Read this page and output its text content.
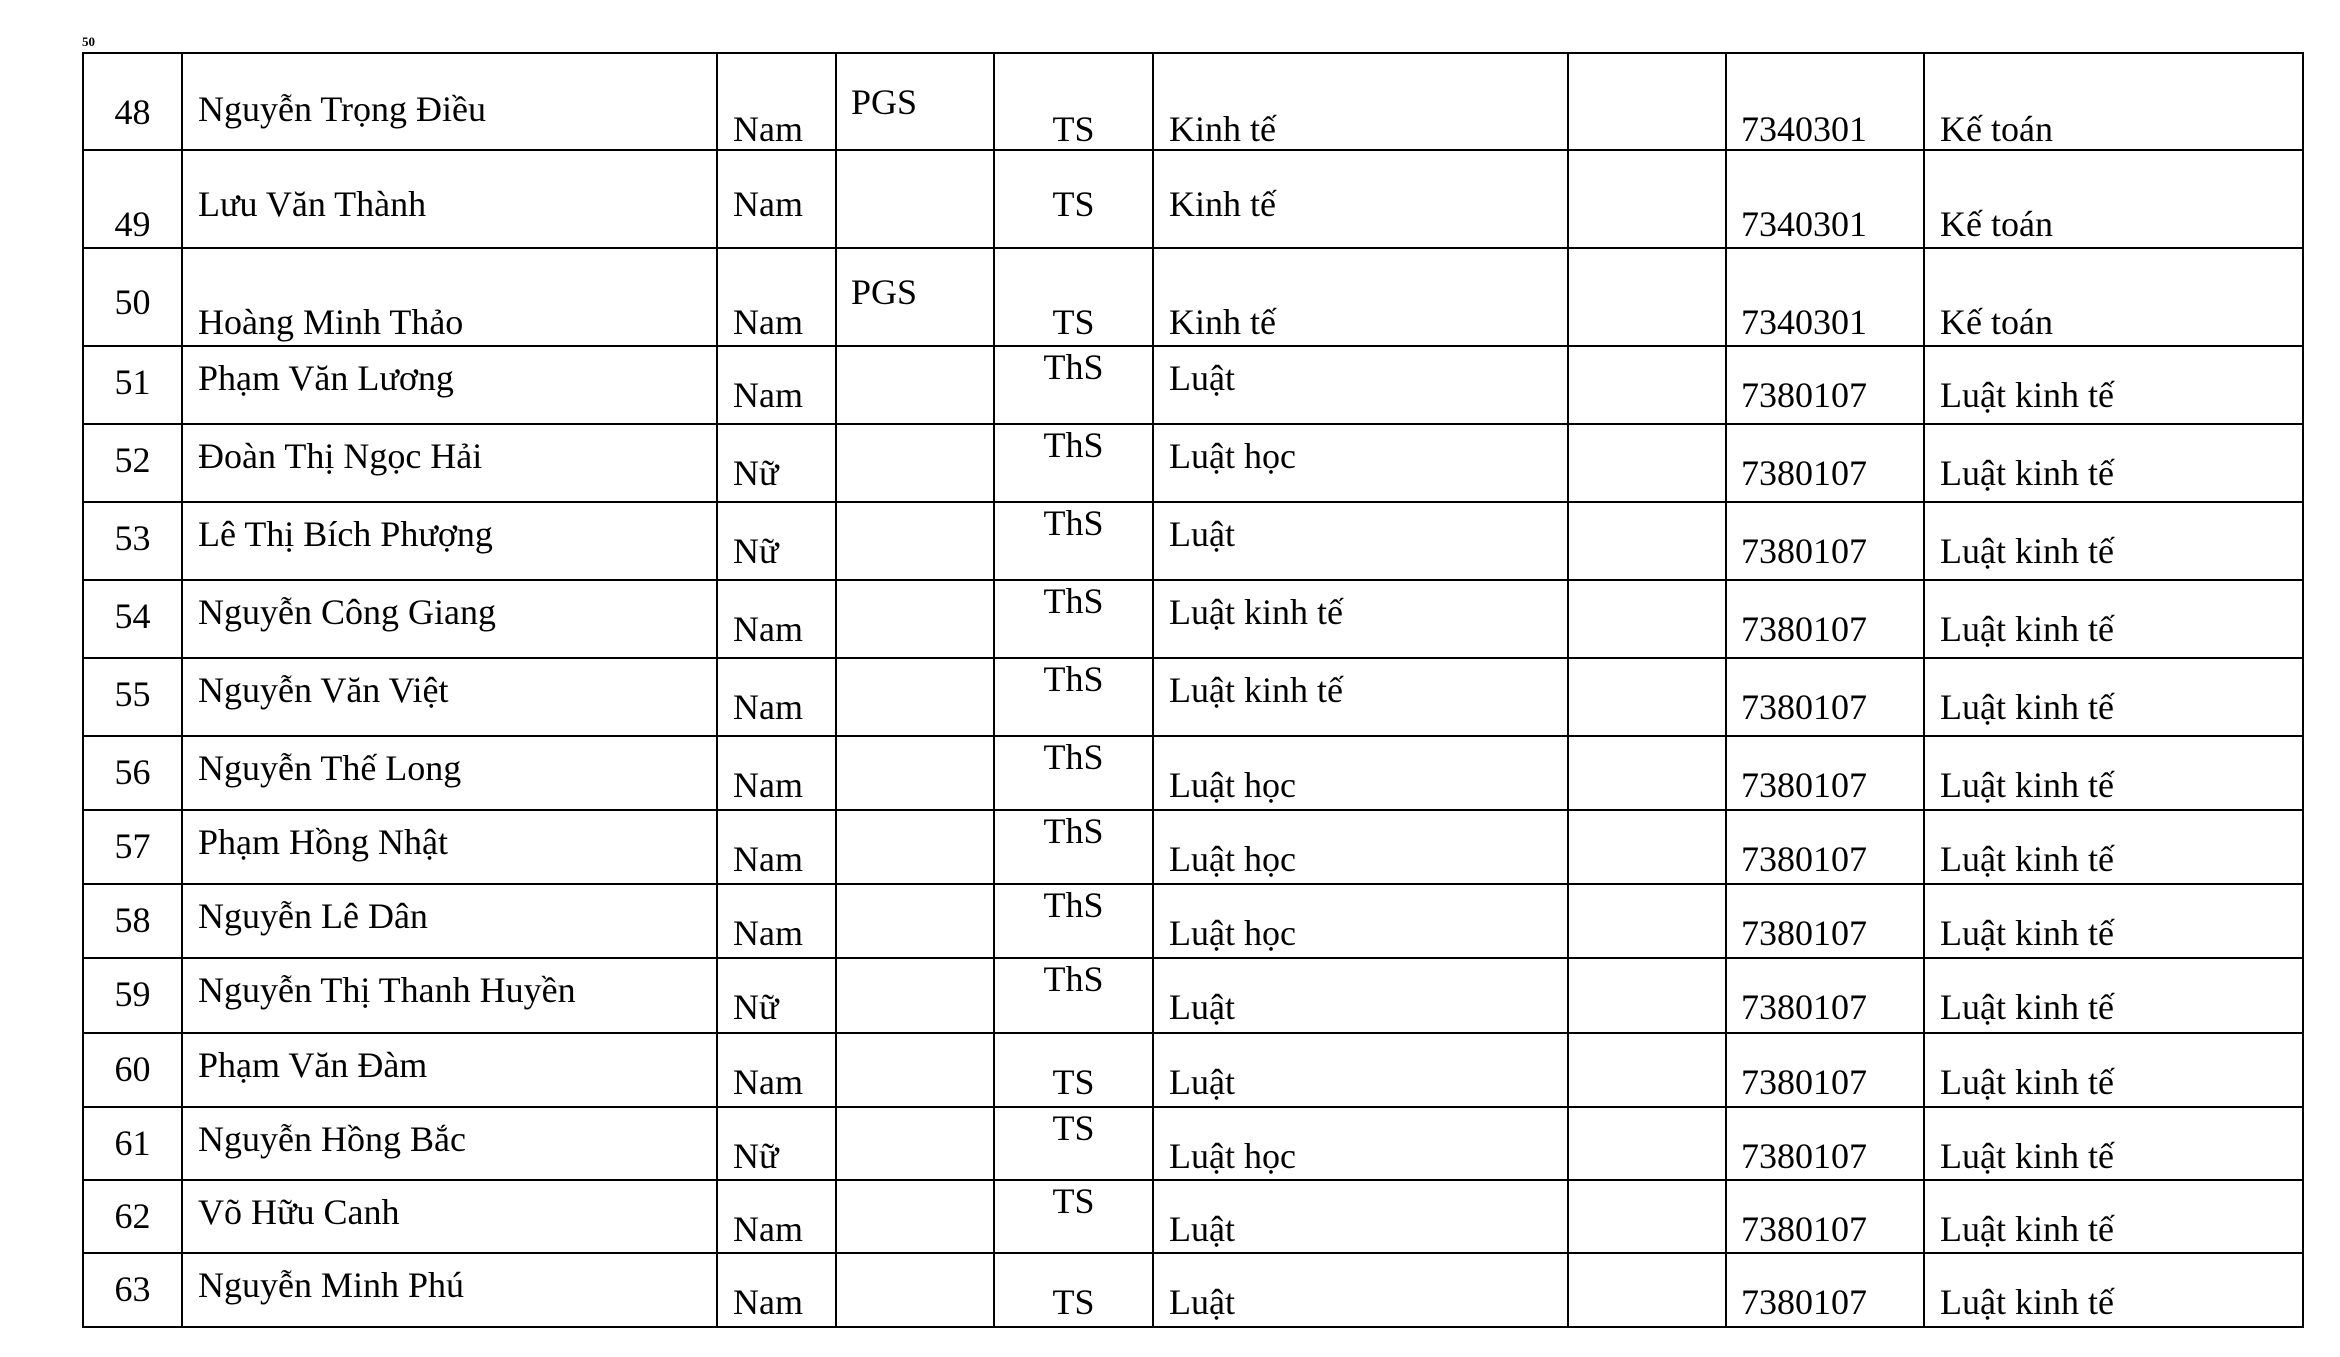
50
48	Nguyễn Trọng Điều	Nam	PGS	TS	Kinh tế		7340301	Kế toán

49	Lưu Văn Thành	Nam		TS	Kinh tế		7340301	Kế toán

50	Hoàng Minh Thảo	Nam	PGS	TS	Kinh tế		7340301	Kế toán

51	Phạm Văn Lương	Nam		ThS	Luật		7380107	Luật kinh tế

52	Đoàn Thị Ngọc Hải	Nữ		ThS	Luật học		7380107	Luật kinh tế

53	Lê Thị Bích Phượng	Nữ		ThS	Luật		7380107	Luật kinh tế

54	Nguyễn Công Giang	Nam		ThS	Luật kinh tế		7380107	Luật kinh tế

55	Nguyễn Văn Việt	Nam		ThS	Luật kinh tế		7380107	Luật kinh tế

56	Nguyễn Thế Long	Nam		ThS	Luật học		7380107	Luật kinh tế

57	Phạm Hồng Nhật	Nam		ThS	Luật học		7380107	Luật kinh tế

58	Nguyễn Lê Dân	Nam		ThS	Luật học		7380107	Luật kinh tế

59	Nguyễn Thị Thanh Huyền	Nữ		ThS	Luật		7380107	Luật kinh tế

60	Phạm Văn Đàm	Nam		TS	Luật		7380107	Luật kinh tế

61	Nguyễn Hồng Bắc	Nữ		TS	Luật học		7380107	Luật kinh tế

62	Võ Hữu Canh	Nam		TS	Luật		7380107	Luật kinh tế

63	Nguyễn Minh Phú	Nam		TS	Luật		7380107	Luật kinh tế
